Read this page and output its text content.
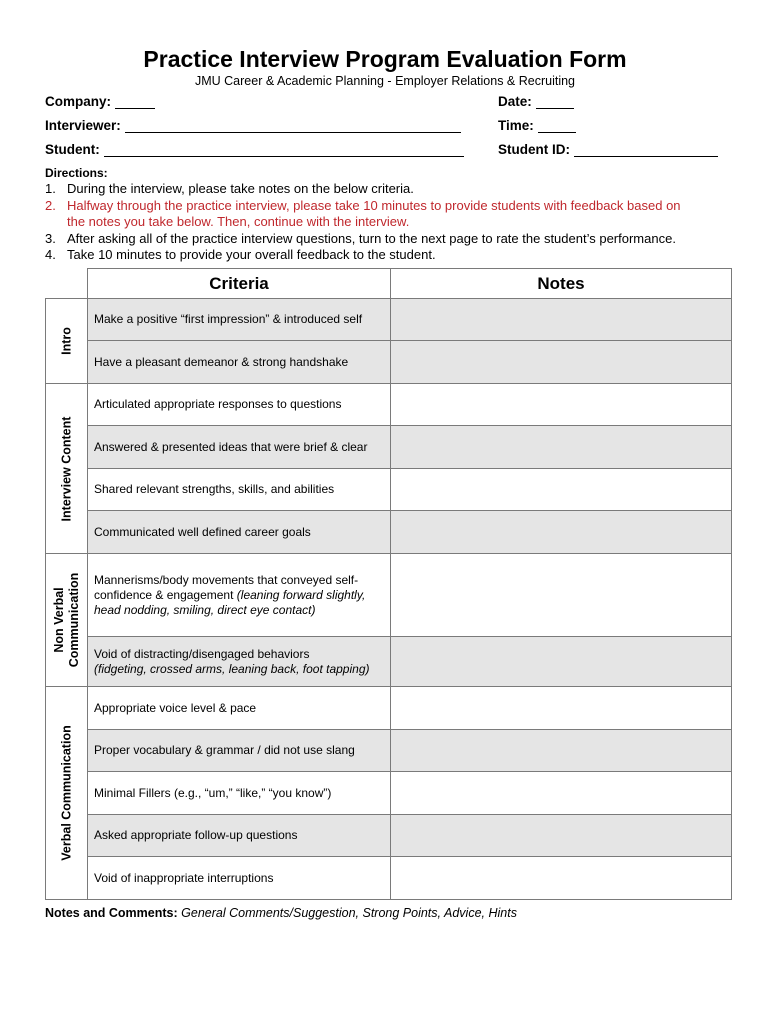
Practice Interview Program Evaluation Form
JMU Career & Academic Planning - Employer Relations & Recruiting
Company:	Date:
Interviewer:	Time:
Student:	Student ID:
Directions:
1. During the interview, please take notes on the below criteria.
2. Halfway through the practice interview, please take 10 minutes to provide students with feedback based on
the notes you take below. Then, continue with the interview.
3. After asking all of the practice interview questions, turn to the next page to rate the student’s performance.
4. Take 10 minutes to provide your overall feedback to the student.
	Criteria	Notes

Intro	Make a positive “first impression” & introduced self	
	Have a pleasant demeanor & strong handshake	

Interview Content	Articulated appropriate responses to questions	
	Answered & presented ideas that were brief & clear	
	Shared relevant strengths, skills, and abilities	
	Communicated well defined career goals	

Non Verbal
Communication	Mannerisms/body movements that conveyed self-
confidence & engagement (leaning forward slightly,
head nodding, smiling, direct eye contact)	
	Void of distracting/disengaged behaviors
(fidgeting, crossed arms, leaning back, foot tapping)	

Verbal Communication	Appropriate voice level & pace	
	Proper vocabulary & grammar / did not use slang	
	Minimal Fillers (e.g., “um,” “like,” “you know”)	
	Asked appropriate follow-up questions	
	Void of inappropriate interruptions	
Notes and Comments: General Comments/Suggestion, Strong Points, Advice, Hints
